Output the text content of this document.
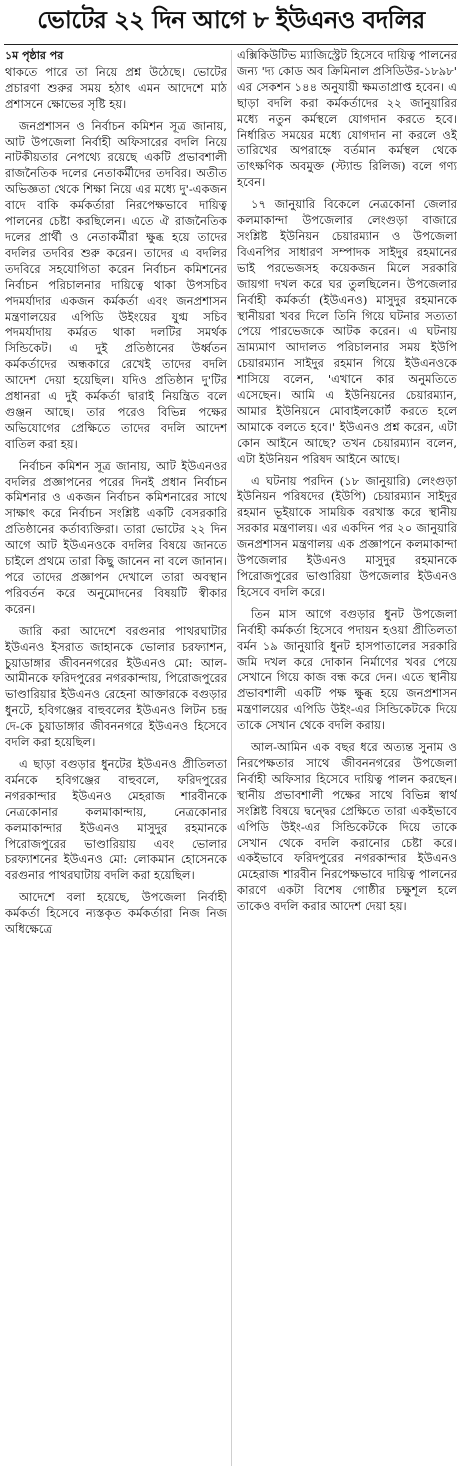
ভোটের ২২ দিন আগে ৮ ইউএনও বদলির
১ম পৃষ্ঠার পর

থাকতে পারে তা নিয়ে প্রশ্ন উঠেছে। ভোটের প্রচারণা শুরুর সময় হঠাৎ এমন আদেশে মাঠ প্রশাসনে ক্ষোভের সৃষ্টি হয়।

জনপ্রশাসন ও নির্বাচন কমিশন সূত্র জানায়, আট উপজেলা নির্বাহী অফিসারের বদলি নিয়ে নাটকীয়তার নেপথ্যে রয়েছে একটি প্রভাবশালী রাজনৈতিক দলের নেতাকর্মীদের তদবির। অতীত অভিজ্ঞতা থেকে শিক্ষা নিয়ে এর মধ্যে দু'-একজন বাদে বাকি কর্মকর্তারা নিরপেক্ষভাবে দায়িত্ব পালনের চেষ্টা করছিলেন। এতে ঐ রাজনৈতিক দলের প্রার্থী ও নেতাকর্মীরা ক্ষুব্ধ হয়ে তাদের বদলির তদবির শুরু করেন। তাদের এ বদলির তদবিরে সহযোগিতা করেন নির্বাচন কমিশনের নির্বাচন পরিচালনার দায়িত্বে থাকা উপসচিব পদমর্যাদার একজন কর্মকর্তা এবং জনপ্রশাসন মন্ত্রণালয়ের এপিডি উইংয়ের যুগ্ম সচিব পদমর্যাদায় কর্মরত থাকা দলটির সমর্থক সিন্ডিকেট। এ দুই প্রতিষ্ঠানের উর্ধ্বতন কর্মকর্তাদের অন্ধকারে রেখেই তাদের বদলি আদেশ দেয়া হয়েছিল। যদিও প্রতিষ্ঠান দু'টির প্রধানরা এ দুই কর্মকর্তা দ্বারাই নিয়ন্ত্রিত বলে গুঞ্জন আছে। তার পরেও বিভিন্ন পক্ষের অভিযোগের প্রেক্ষিতে তাদের বদলি আদেশ বাতিল করা হয়।

নির্বাচন কমিশন সূত্র জানায়, আট ইউএনওর বদলির প্রজ্ঞাপনের পরের দিনই প্রধান নির্বাচন কমিশনার ও একজন নির্বাচন কমিশনারের সাথে সাক্ষাৎ করে নির্বাচন সংশ্লিষ্ট একটি বেসরকারি প্রতিষ্ঠানের কর্তাব্যক্তিরা। তারা ভোটের ২২ দিন আগে আট ইউএনওকে বদলির বিষয়ে জানতে চাইলে প্রথমে তারা কিছু জানেন না বলে জানান। পরে তাদের প্রজ্ঞাপন দেখালে তারা অবস্থান পরিবর্তন করে অনুমোদনের বিষয়টি স্বীকার করেন।

জারি করা আদেশে বরগুনার পাথরঘাটার ইউএনও ইসরাত জাহানকে ভোলার চরফ্যাশন, চুয়াডাঙ্গার জীবননগরের ইউএনও মো: আল-আমীনকে ফরিদপুরের নগরকান্দায়, পিরোজপুরের ভাণ্ডারিয়ার ইউএনও রেহেনা আক্তারকে বগুড়ার ধুনটে, হবিগঞ্জের বাহুবলের ইউএনও লিটন চন্দ্র দে-কে চুয়াডাঙ্গার জীবননগরে ইউএনও হিসেবে বদলি করা হয়েছিল।

এ ছাড়া বগুড়ার ধুনটের ইউএনও প্রীতিলতা বর্মনকে হবিগঞ্জের বাহুবলে, ফরিদপুরের নগরকান্দার ইউএনও মেহরাজ শারবীনকে নেত্রকোনার কলমাকান্দায়, নেত্রকোনার কলমাকান্দার ইউএনও মাসুদুর রহমানকে পিরোজপুরের ভাণ্ডারিয়ায় এবং ভোলার চরফ্যাশনের ইউএনও মো: লোকমান হোসেনকে বরগুনার পাথরঘাটায় বদলি করা হয়েছিল।

আদেশে বলা হয়েছে, উপজেলা নির্বাহী কর্মকর্তা হিসেবে ন্যস্তকৃত কর্মকর্তারা নিজ নিজ অধিক্ষেত্রে

এক্সিকিউটিভ ম্যাজিস্ট্রেট হিসেবে দায়িত্ব পালনের জন্য 'দ্য কোড অব ক্রিমিনাল প্রসিডিউর-১৮৯৮' এর সেকশন ১৪৪ অনুযায়ী ক্ষমতাপ্রাপ্ত হবেন। এ ছাড়া বদলি করা কর্মকর্তাদের ২২ জানুয়ারির মধ্যে নতুন কর্মস্থলে যোগদান করতে হবে। নির্ধারিত সময়ের মধ্যে যোগদান না করলে ওই তারিখের অপরাহ্নে বর্তমান কর্মস্থল থেকে তাৎক্ষণিক অবমুক্ত (স্ট্যান্ড রিলিজ) বলে গণ্য হবেন।

১৭ জানুয়ারি বিকেলে নেত্রকোনা জেলার কলমাকান্দা উপজেলার লেংগুড়া বাজারে সংশ্লিষ্ট ইউনিয়ন চেয়ারম্যান ও উপজেলা বিএনপির সাধারণ সম্পাদক সাইদুর রহমানের ভাই পরভেজসহ কয়েকজন মিলে সরকারি জায়গা দখল করে ঘর তুলছিলেন। উপজেলার নির্বাহী কর্মকর্তা (ইউএনও) মাসুদুর রহমানকে স্থানীয়রা খবর দিলে তিনি গিয়ে ঘটনার সত্যতা পেয়ে পারভেজকে আটক করেন। এ ঘটনায় ভ্রাম্যমাণ আদালত পরিচালনার সময় ইউপি চেয়ারম্যান সাইদুর রহমান গিয়ে ইউএনওকে শাসিয়ে বলেন, 'এখানে কার অনুমতিতে এসেছেন। আমি এ ইউনিয়নের চেয়ারম্যান, আমার ইউনিয়নে মোবাইলকোর্ট করতে হলে আমাকে বলতে হবে।' ইউএনও প্রশ্ন করেন, এটা কোন আইনে আছে? তখন চেয়ারম্যান বলেন, এটা ইউনিয়ন পরিষদ আইনে আছে।

এ ঘটনায় পরদিন (১৮ জানুয়ারি) লেংগুড়া ইউনিয়ন পরিষদের (ইউপি) চেয়ারম্যান সাইদুর রহমান ভূইয়াকে সাময়িক বরখাস্ত করে স্থানীয় সরকার মন্ত্রণালয়। এর একদিন পর ২০ জানুয়ারি জনপ্রশাসন মন্ত্রণালয় এক প্রজ্ঞাপনে কলমাকান্দা উপজেলার ইউএনও মাসুদুর রহমানকে পিরোজপুরের ভাণ্ডারিয়া উপজেলার ইউএনও হিসেবে বদলি করে।

তিন মাস আগে বগুড়ার ধুনট উপজেলা নির্বাহী কর্মকর্তা হিসেবে পদায়ন হওয়া প্রীতিলতা বর্মন ১৯ জানুয়ারি ধুনট হাসপাতালের সরকারি জমি দখল করে দোকান নির্মাণের খবর পেয়ে সেখানে গিয়ে কাজ বন্ধ করে দেন। এতে স্থানীয় প্রভাবশালী একটি পক্ষ ক্ষুব্ধ হয়ে জনপ্রশাসন মন্ত্রণালয়ের এপিডি উইং-এর সিন্ডিকেটকে দিয়ে তাকে সেখান থেকে বদলি করায়।

আল-আমিন এক বছর ধরে অত্যন্ত সুনাম ও নিরপেক্ষতার সাথে জীবননগরের উপজেলা নির্বাহী অফিসার হিসেবে দায়িত্ব পালন করছেন। স্থানীয় প্রভাবশালী পক্ষের সাথে বিভিন্ন স্বার্থ সংশ্লিষ্ট বিষয়ে দ্বন্দ্বের প্রেক্ষিতে তারা একইভাবে এপিডি উইং-এর সিন্ডিকেটকে দিয়ে তাকে সেখান থেকে বদলি করানোর চেষ্টা করে। একইভাবে ফরিদপুরের নগরকান্দার ইউএনও মেহেরাজ শারবীন নিরপেক্ষভাবে দায়িত্ব পালনের কারণে একটা বিশেষ গোষ্ঠীর চক্ষুশূল হলে তাকেও বদলি করার আদেশ দেয়া হয়।
